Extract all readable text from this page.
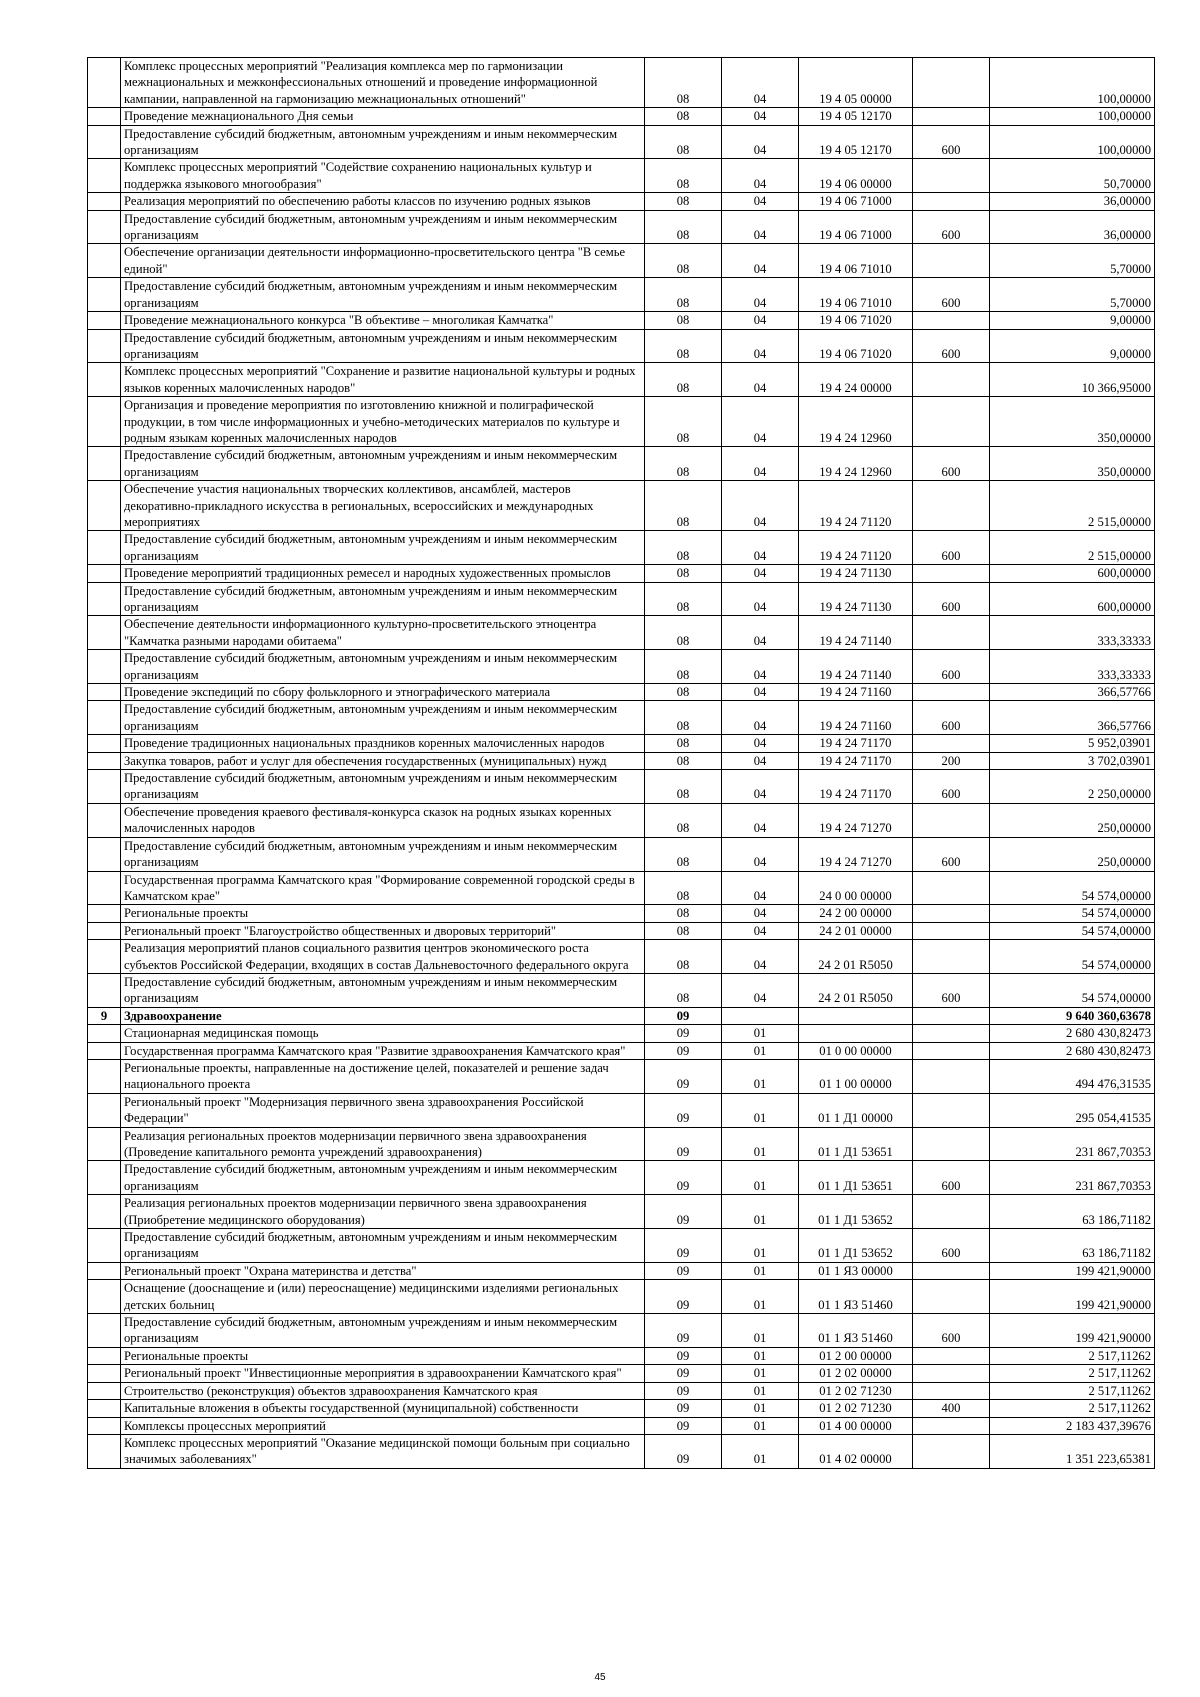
	Комплекс процессных мероприятий "Реализация комплекса мер по гармонизации межнациональных и межконфессиональных отношений и проведение информационной кампании, направленной на гармонизацию межнациональных отношений"	08	04	19 4 05 00000		100,00000
	Проведение межнационального Дня семьи	08	04	19 4 05 12170		100,00000
	Предоставление субсидий бюджетным, автономным учреждениям и иным некоммерческим организациям	08	04	19 4 05 12170	600	100,00000
	Комплекс процессных мероприятий "Содействие сохранению национальных культур и поддержка языкового многообразия"	08	04	19 4 06 00000		50,70000
	Реализация мероприятий по обеспечению работы классов по изучению родных языков	08	04	19 4 06 71000		36,00000
	Предоставление субсидий бюджетным, автономным учреждениям и иным некоммерческим организациям	08	04	19 4 06 71000	600	36,00000
	Обеспечение организации деятельности информационно-просветительского центра "В семье единой"	08	04	19 4 06 71010		5,70000
	Предоставление субсидий бюджетным, автономным учреждениям и иным некоммерческим организациям	08	04	19 4 06 71010	600	5,70000
	Проведение межнационального конкурса "В объективе – многоликая Камчатка"	08	04	19 4 06 71020		9,00000
	Предоставление субсидий бюджетным, автономным учреждениям и иным некоммерческим организациям	08	04	19 4 06 71020	600	9,00000
	Комплекс процессных мероприятий "Сохранение и развитие национальной культуры и родных языков коренных малочисленных народов"	08	04	19 4 24 00000		10 366,95000
	Организация и проведение мероприятия по изготовлению книжной и полиграфической продукции, в том числе информационных и учебно-методических материалов по культуре и родным языкам коренных малочисленных народов	08	04	19 4 24 12960		350,00000
	Предоставление субсидий бюджетным, автономным учреждениям и иным некоммерческим организациям	08	04	19 4 24 12960	600	350,00000
	Обеспечение участия национальных творческих коллективов, ансамблей, мастеров декоративно-прикладного искусства в региональных, всероссийских и международных мероприятиях	08	04	19 4 24 71120		2 515,00000
	Предоставление субсидий бюджетным, автономным учреждениям и иным некоммерческим организациям	08	04	19 4 24 71120	600	2 515,00000
	Проведение мероприятий традиционных ремесел и народных художественных промыслов	08	04	19 4 24 71130		600,00000
	Предоставление субсидий бюджетным, автономным учреждениям и иным некоммерческим организациям	08	04	19 4 24 71130	600	600,00000
	Обеспечение деятельности информационного культурно-просветительского этноцентра "Камчатка разными народами обитаема"	08	04	19 4 24 71140		333,33333
	Предоставление субсидий бюджетным, автономным учреждениям и иным некоммерческим организациям	08	04	19 4 24 71140	600	333,33333
	Проведение экспедиций по сбору фольклорного и этнографического материала	08	04	19 4 24 71160		366,57766
	Предоставление субсидий бюджетным, автономным учреждениям и иным некоммерческим организациям	08	04	19 4 24 71160	600	366,57766
	Проведение традиционных национальных праздников коренных малочисленных народов	08	04	19 4 24 71170		5 952,03901
	Закупка товаров, работ и услуг для обеспечения государственных (муниципальных) нужд	08	04	19 4 24 71170	200	3 702,03901
	Предоставление субсидий бюджетным, автономным учреждениям и иным некоммерческим организациям	08	04	19 4 24 71170	600	2 250,00000
	Обеспечение проведения краевого фестиваля-конкурса сказок на родных языках коренных малочисленных народов	08	04	19 4 24 71270		250,00000
	Предоставление субсидий бюджетным, автономным учреждениям и иным некоммерческим организациям	08	04	19 4 24 71270	600	250,00000
	Государственная программа Камчатского края "Формирование современной городской среды в Камчатском крае"	08	04	24 0 00 00000		54 574,00000
	Региональные проекты	08	04	24 2 00 00000		54 574,00000
	Региональный проект "Благоустройство общественных и дворовых территорий"	08	04	24 2 01 00000		54 574,00000
	Реализация мероприятий планов социального развития центров экономического роста субъектов Российской Федерации, входящих в состав Дальневосточного федерального округа	08	04	24 2 01 R5050		54 574,00000
	Предоставление субсидий бюджетным, автономным учреждениям и иным некоммерческим организациям	08	04	24 2 01 R5050	600	54 574,00000
9	Здравоохранение	09				9 640 360,63678
	Стационарная медицинская помощь	09	01			2 680 430,82473
	Государственная программа Камчатского края "Развитие здравоохранения Камчатского края"	09	01	01 0 00 00000		2 680 430,82473
	Региональные проекты, направленные на достижение целей, показателей и решение задач национального проекта	09	01	01 1 00 00000		494 476,31535
	Региональный проект "Модернизация первичного звена здравоохранения Российской Федерации"	09	01	01 1 Д1 00000		295 054,41535
	Реализация региональных проектов модернизации первичного звена здравоохранения (Проведение капитального ремонта учреждений здравоохранения)	09	01	01 1 Д1 53651		231 867,70353
	Предоставление субсидий бюджетным, автономным учреждениям и иным некоммерческим организациям	09	01	01 1 Д1 53651	600	231 867,70353
	Реализация региональных проектов модернизации первичного звена здравоохранения (Приобретение медицинского оборудования)	09	01	01 1 Д1 53652		63 186,71182
	Предоставление субсидий бюджетным, автономным учреждениям и иным некоммерческим организациям	09	01	01 1 Д1 53652	600	63 186,71182
	Региональный проект "Охрана материнства и детства"	09	01	01 1 Я3 00000		199 421,90000
	Оснащение (дооснащение и (или) переоснащение) медицинскими изделиями региональных детских больниц	09	01	01 1 Я3 51460		199 421,90000
	Предоставление субсидий бюджетным, автономным учреждениям и иным некоммерческим организациям	09	01	01 1 Я3 51460	600	199 421,90000
	Региональные проекты	09	01	01 2 00 00000		2 517,11262
	Региональный проект "Инвестиционные мероприятия в здравоохранении Камчатского края"	09	01	01 2 02 00000		2 517,11262
	Строительство (реконструкция) объектов здравоохранения Камчатского края	09	01	01 2 02 71230		2 517,11262
	Капитальные вложения в объекты государственной (муниципальной) собственности	09	01	01 2 02 71230	400	2 517,11262
	Комплексы процессных мероприятий	09	01	01 4 00 00000		2 183 437,39676
	Комплекс процессных мероприятий "Оказание медицинской помощи больным при социально значимых заболеваниях"	09	01	01 4 02 00000		1 351 223,65381
45
